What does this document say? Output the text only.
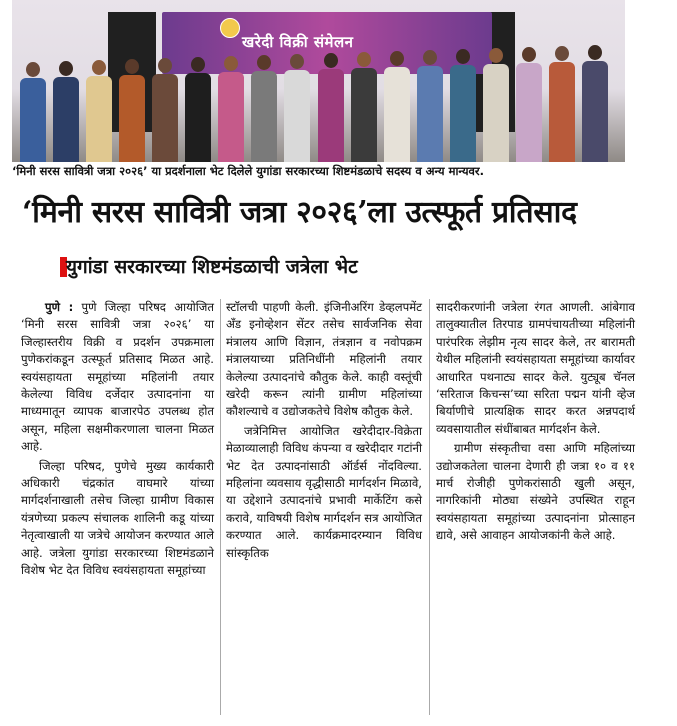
खरेदी विक्री संमेलन
‘मिनी सरस सावित्री जत्रा २०२६’ या प्रदर्शनाला भेट दिलेले युगांडा सरकारच्या शिष्टमंडळाचे सदस्य व अन्य मान्यवर.
‘मिनी सरस सावित्री जत्रा २०२६’ला उत्स्फूर्त प्रतिसाद
युगांडा सरकारच्या शिष्टमंडळाची जत्रेला भेट

पुणे : पुणे जिल्हा परिषद आयोजित ‘मिनी सरस सावित्री जत्रा २०२६’ या जिल्हास्तरीय विक्री व प्रदर्शन उपक्रमाला पुणेकरांकडून उत्स्फूर्त प्रतिसाद मिळत आहे. स्वयंसहायता समूहांच्या महिलांनी तयार केलेल्या विविध दर्जेदार उत्पादनांना या माध्यमातून व्यापक बाजारपेठ उपलब्ध होत असून, महिला सक्षमीकरणाला चालना मिळत आहे.

जिल्हा परिषद, पुणेचे मुख्य कार्यकारी अधिकारी चंद्रकांत वाघमारे यांच्या मार्गदर्शनाखाली तसेच जिल्हा ग्रामीण विकास यंत्रणेच्या प्रकल्प संचालक शालिनी कडू यांच्या नेतृत्वाखाली या जत्रेचे आयोजन करण्यात आले आहे. जत्रेला युगांडा सरकारच्या शिष्टमंडळाने विशेष भेट देत विविध स्वयंसहायता समूहांच्या

स्टॉलची पाहणी केली. इंजिनीअरिंग डेव्हलपमेंट अँड इनोव्हेशन सेंटर तसेच सार्वजनिक सेवा मंत्रालय आणि विज्ञान, तंत्रज्ञान व नवोपक्रम मंत्रालयाच्या प्रतिनिधींनी महिलांनी तयार केलेल्या उत्पादनांचे कौतुक केले. काही वस्तूंची खरेदी करून त्यांनी ग्रामीण महिलांच्या कौशल्याचे व उद्योजकतेचे विशेष कौतुक केले.

जत्रेनिमित्त आयोजित खरेदीदार-विक्रेता मेळाव्यालाही विविध कंपन्या व खरेदीदार गटांनी भेट देत उत्पादनांसाठी ऑर्डर्स नोंदविल्या. महिलांना व्यवसाय वृद्धीसाठी मार्गदर्शन मिळावे, या उद्देशाने उत्पादनांचे प्रभावी मार्केटिंग कसे करावे, याविषयी विशेष मार्गदर्शन सत्र आयोजित करण्यात आले. कार्यक्रमादरम्यान विविध सांस्कृतिक

सादरीकरणांनी जत्रेला रंगत आणली. आंबेगाव तालुक्यातील तिरपाड ग्रामपंचायतीच्या महिलांनी पारंपरिक लेझीम नृत्य सादर केले, तर बारामती येथील महिलांनी स्वयंसहायता समूहांच्या कार्यावर आधारित पथनाट्य सादर केले. युट्यूब चॅनल ‘सरिताज किचन्स’च्या सरिता पद्मन यांनी व्हेज बिर्याणीचे प्रात्यक्षिक सादर करत अन्नपदार्थ व्यवसायातील संधींबाबत मार्गदर्शन केले.

ग्रामीण संस्कृतीचा वसा आणि महिलांच्या उद्योजकतेला चालना देणारी ही जत्रा १० व ११ मार्च रोजीही पुणेकरांसाठी खुली असून, नागरिकांनी मोठ्या संख्येने उपस्थित राहून स्वयंसहायता समूहांच्या उत्पादनांना प्रोत्साहन द्यावे, असे आवाहन आयोजकांनी केले आहे.
